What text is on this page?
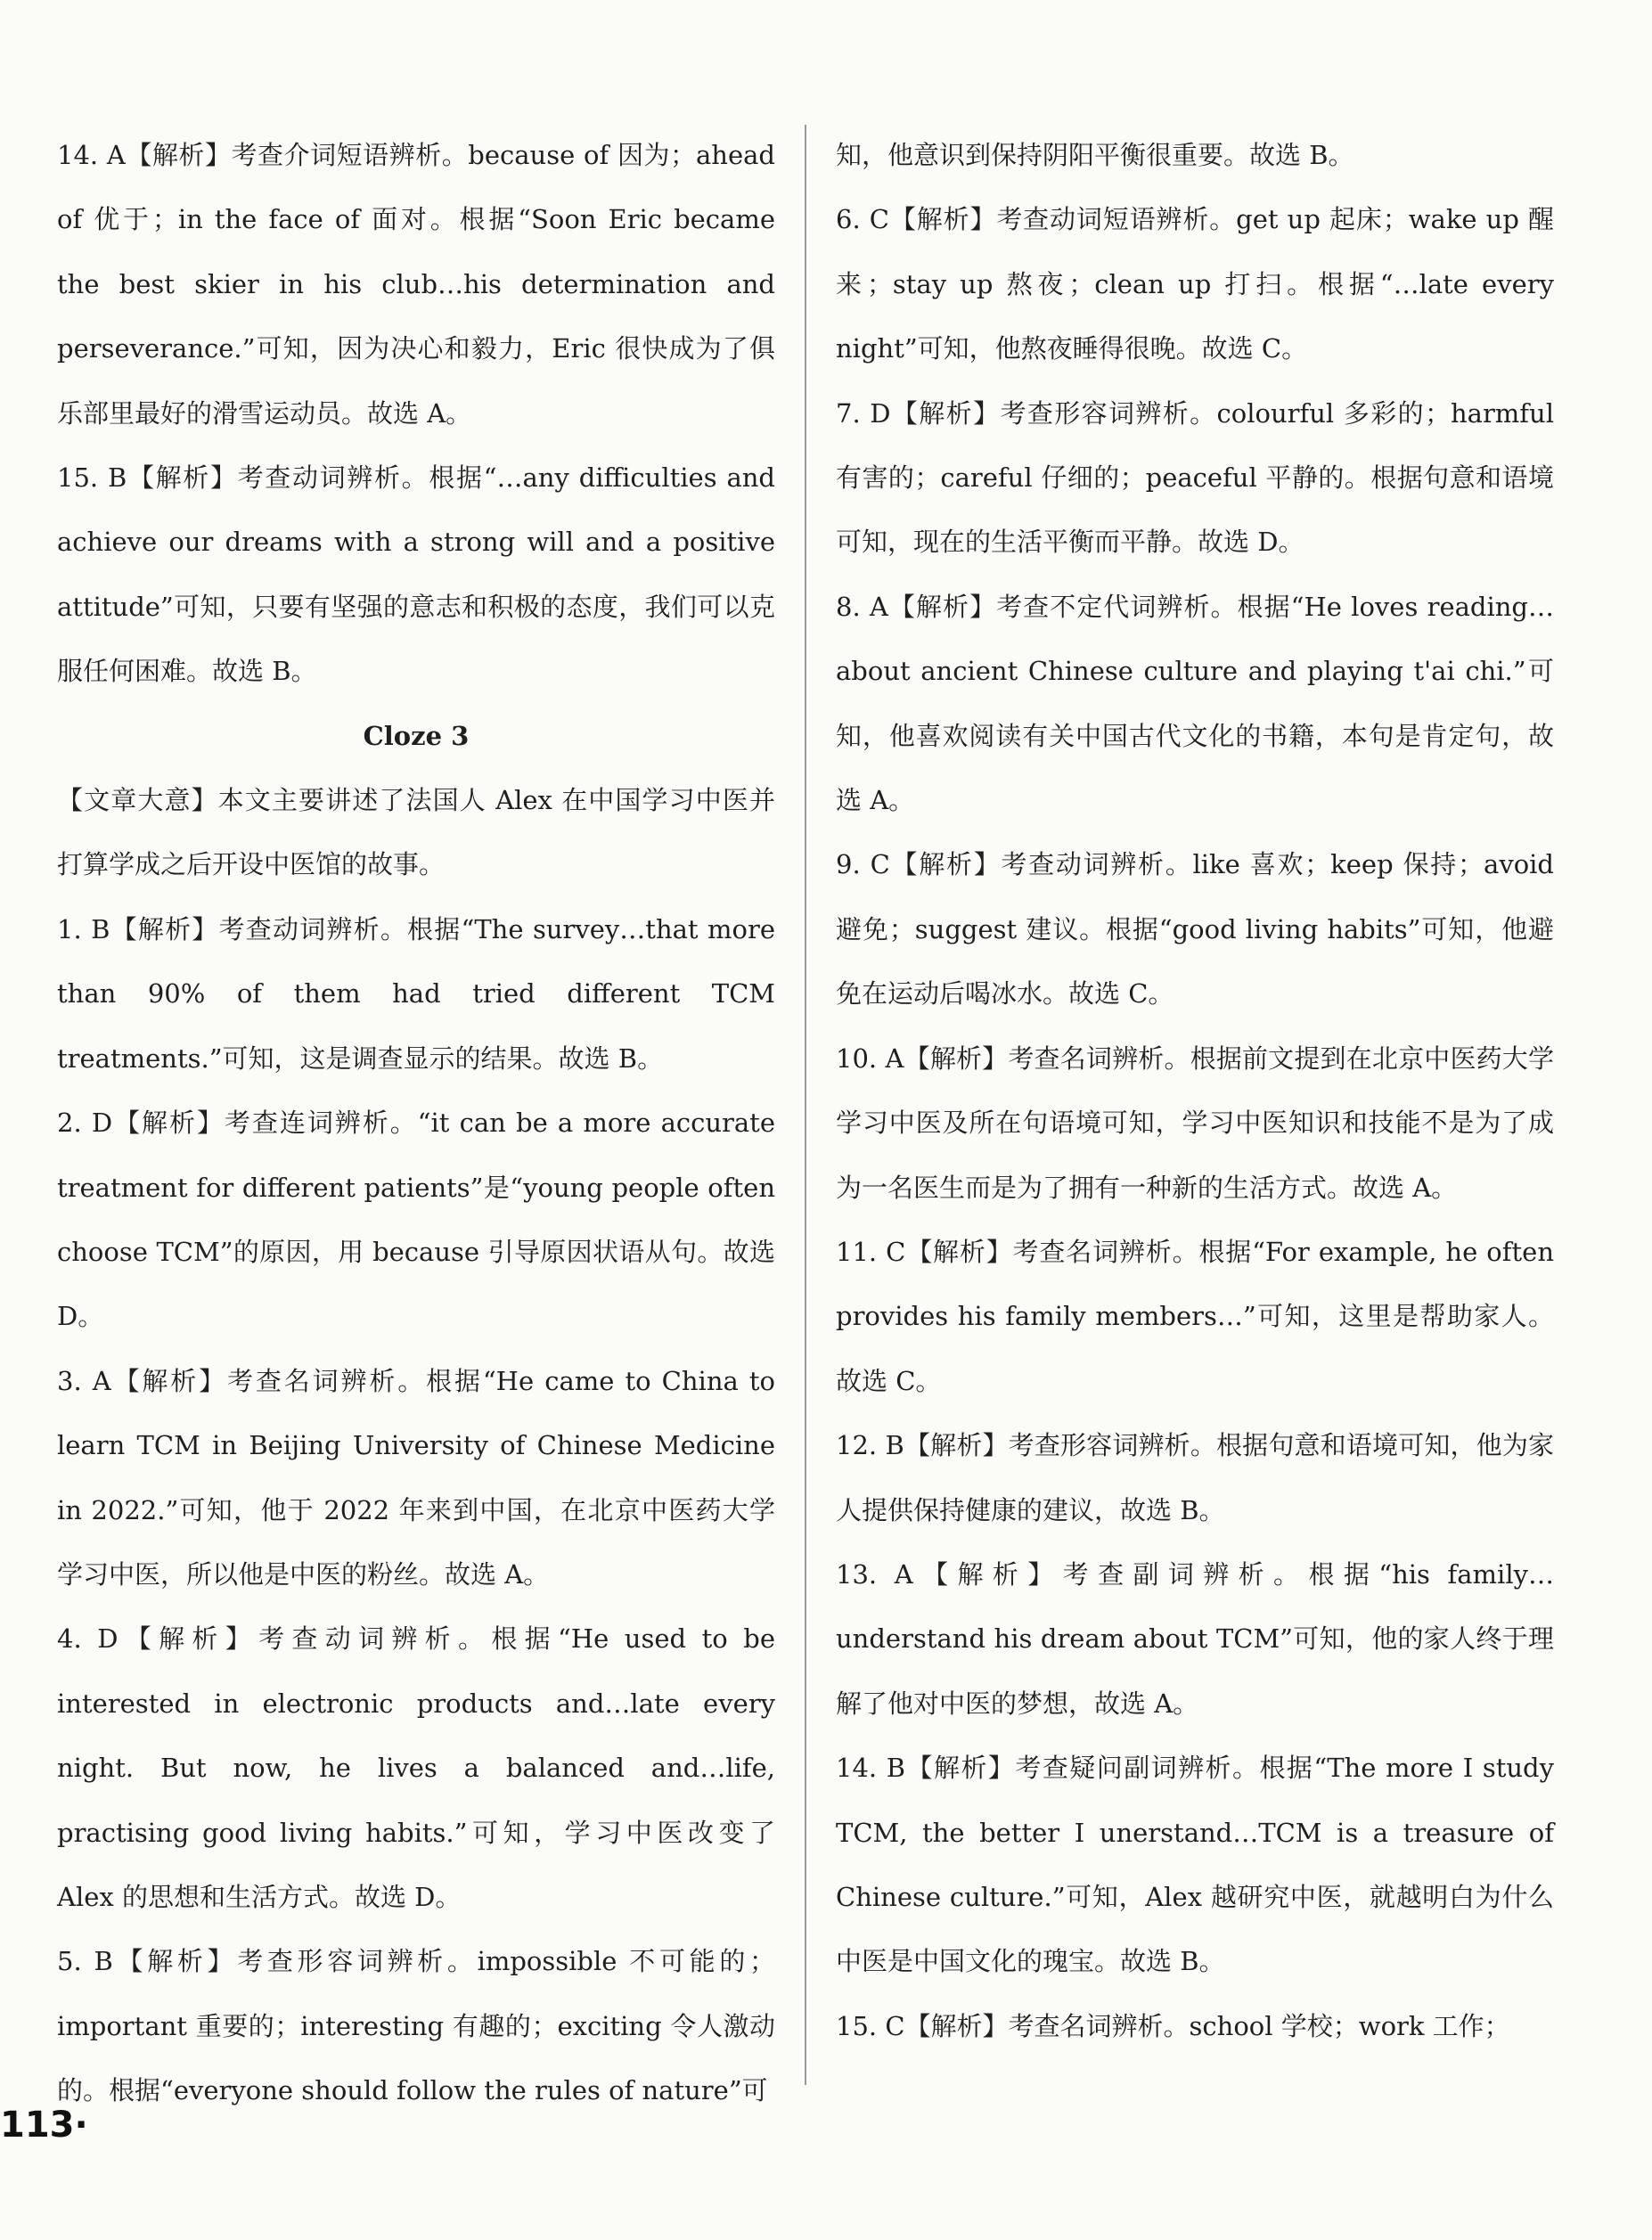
14. A【解析】考查介词短语辨析。because of 因为；ahead of 优于；in the face of 面对。根据“Soon Eric became the best skier in his club…his determination and perseverance.”可知，因为决心和毅力，Eric 很快成为了俱乐部里最好的滑雪运动员。故选 A。

15. B【解析】考查动词辨析。根据“…any difficulties and achieve our dreams with a strong will and a positive attitude”可知，只要有坚强的意志和积极的态度，我们可以克服任何困难。故选 B。

Cloze 3

【文章大意】本文主要讲述了法国人 Alex 在中国学习中医并打算学成之后开设中医馆的故事。

1. B【解析】考查动词辨析。根据“The survey…that more than 90% of them had tried different TCM treatments.”可知，这是调查显示的结果。故选 B。

2. D【解析】考查连词辨析。“it can be a more accurate treatment for different patients”是“young people often choose TCM”的原因，用 because 引导原因状语从句。故选 D。

3. A【解析】考查名词辨析。根据“He came to China to learn TCM in Beijing University of Chinese Medicine in 2022.”可知，他于 2022 年来到中国，在北京中医药大学学习中医，所以他是中医的粉丝。故选 A。

4. D【解析】考查动词辨析。根据“He used to be interested in electronic products and…late every night. But now, he lives a balanced and…life, practising good living habits.”可知，学习中医改变了 Alex 的思想和生活方式。故选 D。

5. B【解析】考查形容词辨析。impossible 不可能的；important 重要的；interesting 有趣的；exciting 令人激动的。根据“everyone should follow the rules of nature”可

知，他意识到保持阴阳平衡很重要。故选 B。

6. C【解析】考查动词短语辨析。get up 起床；wake up 醒来；stay up 熬夜；clean up 打扫。根据“…late every night”可知，他熬夜睡得很晚。故选 C。

7. D【解析】考查形容词辨析。colourful 多彩的；harmful 有害的；careful 仔细的；peaceful 平静的。根据句意和语境可知，现在的生活平衡而平静。故选 D。

8. A【解析】考查不定代词辨析。根据“He loves reading…about ancient Chinese culture and playing t'ai chi.”可知，他喜欢阅读有关中国古代文化的书籍，本句是肯定句，故选 A。

9. C【解析】考查动词辨析。like 喜欢；keep 保持；avoid 避免；suggest 建议。根据“good living habits”可知，他避免在运动后喝冰水。故选 C。

10. A【解析】考查名词辨析。根据前文提到在北京中医药大学学习中医及所在句语境可知，学习中医知识和技能不是为了成为一名医生而是为了拥有一种新的生活方式。故选 A。

11. C【解析】考查名词辨析。根据“For example, he often provides his family members…”可知，这里是帮助家人。故选 C。

12. B【解析】考查形容词辨析。根据句意和语境可知，他为家人提供保持健康的建议，故选 B。

13. A【解析】考查副词辨析。根据“his family…understand his dream about TCM”可知，他的家人终于理解了他对中医的梦想，故选 A。

14. B【解析】考查疑问副词辨析。根据“The more I study TCM, the better I unerstand…TCM is a treasure of Chinese culture.”可知，Alex 越研究中医，就越明白为什么中医是中国文化的瑰宝。故选 B。

15. C【解析】考查名词辨析。school 学校；work 工作；

113·
